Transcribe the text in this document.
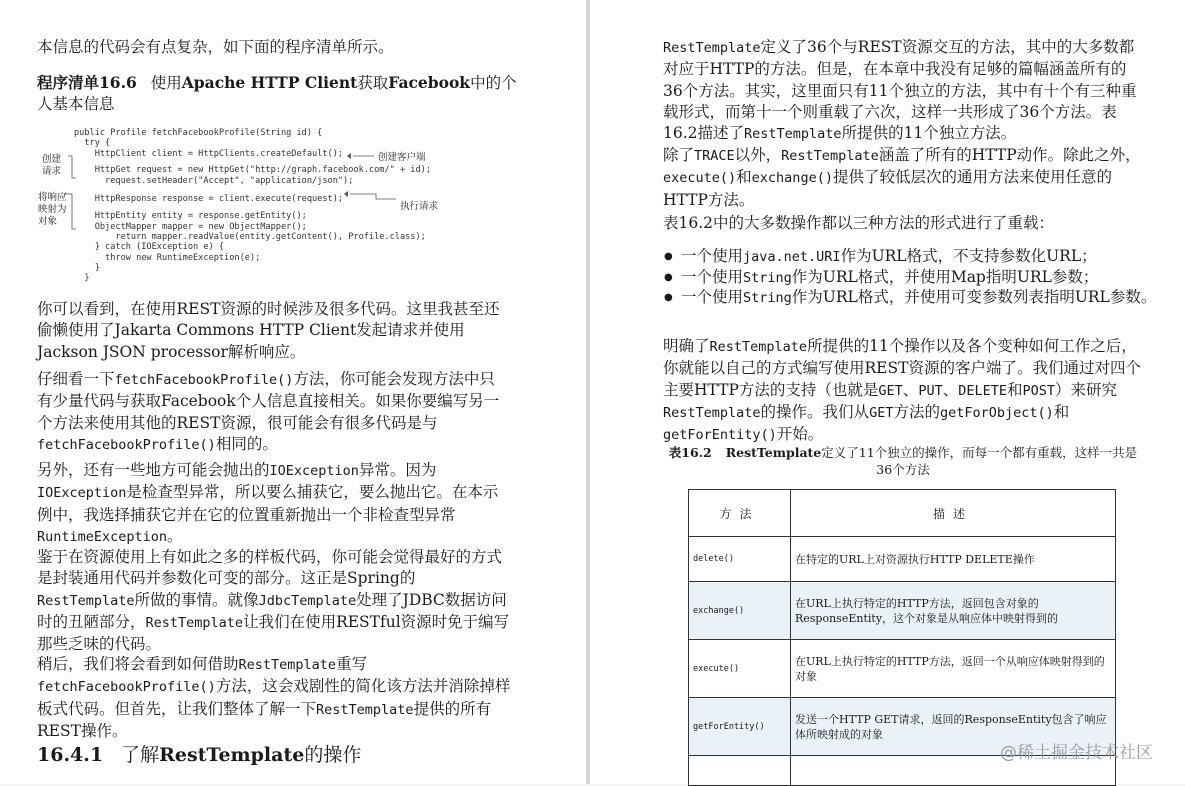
本信息的代码会有点复杂，如下面的程序清单所示。

程序清单16.6 使用Apache HTTP Client获取Facebook中的个人基本信息
public Profile fetchFacebookProfile(String id) {
try {
HttpClient client = HttpClients.createDefault();
HttpGet request = new HttpGet("http://graph.facebook.com/" + id);
request.setHeader("Accept", "application/json");
HttpResponse response = client.execute(request);
HttpEntity entity = response.getEntity();
ObjectMapper mapper = new ObjectMapper();
return mapper.readValue(entity.getContent(), Profile.class);
} catch (IOException e) {
throw new RuntimeException(e);
}
}
创建
请求
将响应
映射为
对象
创建客户端
执行请求

你可以看到，在使用REST资源的时候涉及很多代码。这里我甚至还偷懒使用了Jakarta Commons HTTP Client发起请求并使用Jackson JSON processor解析响应。

仔细看一下fetchFacebookProfile()方法，你可能会发现方法中只有少量代码与获取Facebook个人信息直接相关。如果你要编写另一个方法来使用其他的REST资源，很可能会有很多代码是与fetchFacebookProfile()相同的。

另外，还有一些地方可能会抛出的IOException异常。因为IOException是检查型异常，所以要么捕获它，要么抛出它。在本示例中，我选择捕获它并在它的位置重新抛出一个非检查型异常RuntimeException。

鉴于在资源使用上有如此之多的样板代码，你可能会觉得最好的方式是封装通用代码并参数化可变的部分。这正是Spring的RestTemplate所做的事情。就像JdbcTemplate处理了JDBC数据访问时的丑陋部分，RestTemplate让我们在使用RESTful资源时免于编写那些乏味的代码。

稍后，我们将会看到如何借助RestTemplate重写fetchFacebookProfile()方法，这会戏剧性的简化该方法并消除掉样板式代码。但首先，让我们整体了解一下RestTemplate提供的所有REST操作。

16.4.1 了解RestTemplate的操作

RestTemplate定义了36个与REST资源交互的方法，其中的大多数都对应于HTTP的方法。但是，在本章中我没有足够的篇幅涵盖所有的36个方法。其实，这里面只有11个独立的方法，其中有十个有三种重载形式，而第十一个则重载了六次，这样一共形成了36个方法。表16.2描述了RestTemplate所提供的11个独立方法。

除了TRACE以外，RestTemplate涵盖了所有的HTTP动作。除此之外，execute()和exchange()提供了较低层次的通用方法来使用任意的HTTP方法。

表16.2中的大多数操作都以三种方法的形式进行了重载：

● 一个使用java.net.URI作为URL格式，不支持参数化URL；
● 一个使用String作为URL格式，并使用Map指明URL参数；
● 一个使用String作为URL格式，并使用可变参数列表指明URL参数。

明确了RestTemplate所提供的11个操作以及各个变种如何工作之后，你就能以自己的方式编写使用REST资源的客户端了。我们通过对四个主要HTTP方法的支持（也就是GET、PUT、DELETE和POST）来研究RestTemplate的操作。我们从GET方法的getForObject()和getForEntity()开始。

表16.2 RestTemplate定义了11个独立的操作，而每一个都有重载，这样一共是36个方法
方法	描述
delete()	在特定的URL上对资源执行HTTP DELETE操作
exchange()	在URL上执行特定的HTTP方法，返回包含对象的ResponseEntity，这个对象是从响应体中映射得到的
execute()	在URL上执行特定的HTTP方法，返回一个从响应体映射得到的对象
getForEntity()	发送一个HTTP GET请求，返回的ResponseEntity包含了响应体所映射成的对象

@稀土掘金技术社区
